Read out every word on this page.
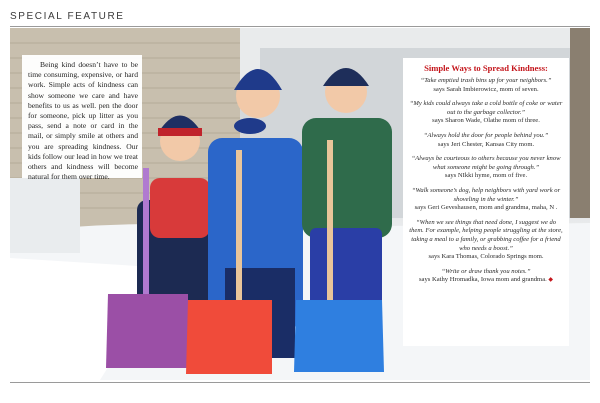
SPECIAL FEATURE
Being kind doesn’t have to be time consuming, expensive, or hard work. Simple acts of kindness can show someone we care and have benefits to us as well. pen the door for someone, pick up litter as you pass, send a note or card in the mail, or simply smile at others and you are spreading kindness. Our kids follow our lead in how we treat others and kindness will become natural for them over time.
Simple Ways to Spread Kindness:
“Take emptied trash bins up for your neighbors.”
says Sarah Imbierowicz, mom of seven.
“My kids could always take a cold bottle of coke or water out to the garbage collector.”
says Sharon Wade, Olathe mom of three.
“Always hold the door for people behind you.”
says Jeri Chester, Kansas City mom.
“Always be courteous to others because you never know what someone might be going through.”
says NIkki hyme, mom of five.
“Walk someone’s dog, help neighbors with yard work or shoveling in the winter.”
says Geri Geveshausen, mom and grandma, maha, N .
“When we see things that need done, I suggest we do them. For example, helping people struggling at the store, taking a meal to a family, or grabbing coffee for a friend who needs a boost.”
says Kara Thomas, Colorado Springs mom.
“Write or draw thank you notes.”
says Kathy Hromadka, Iowa mom and grandma. ◆
